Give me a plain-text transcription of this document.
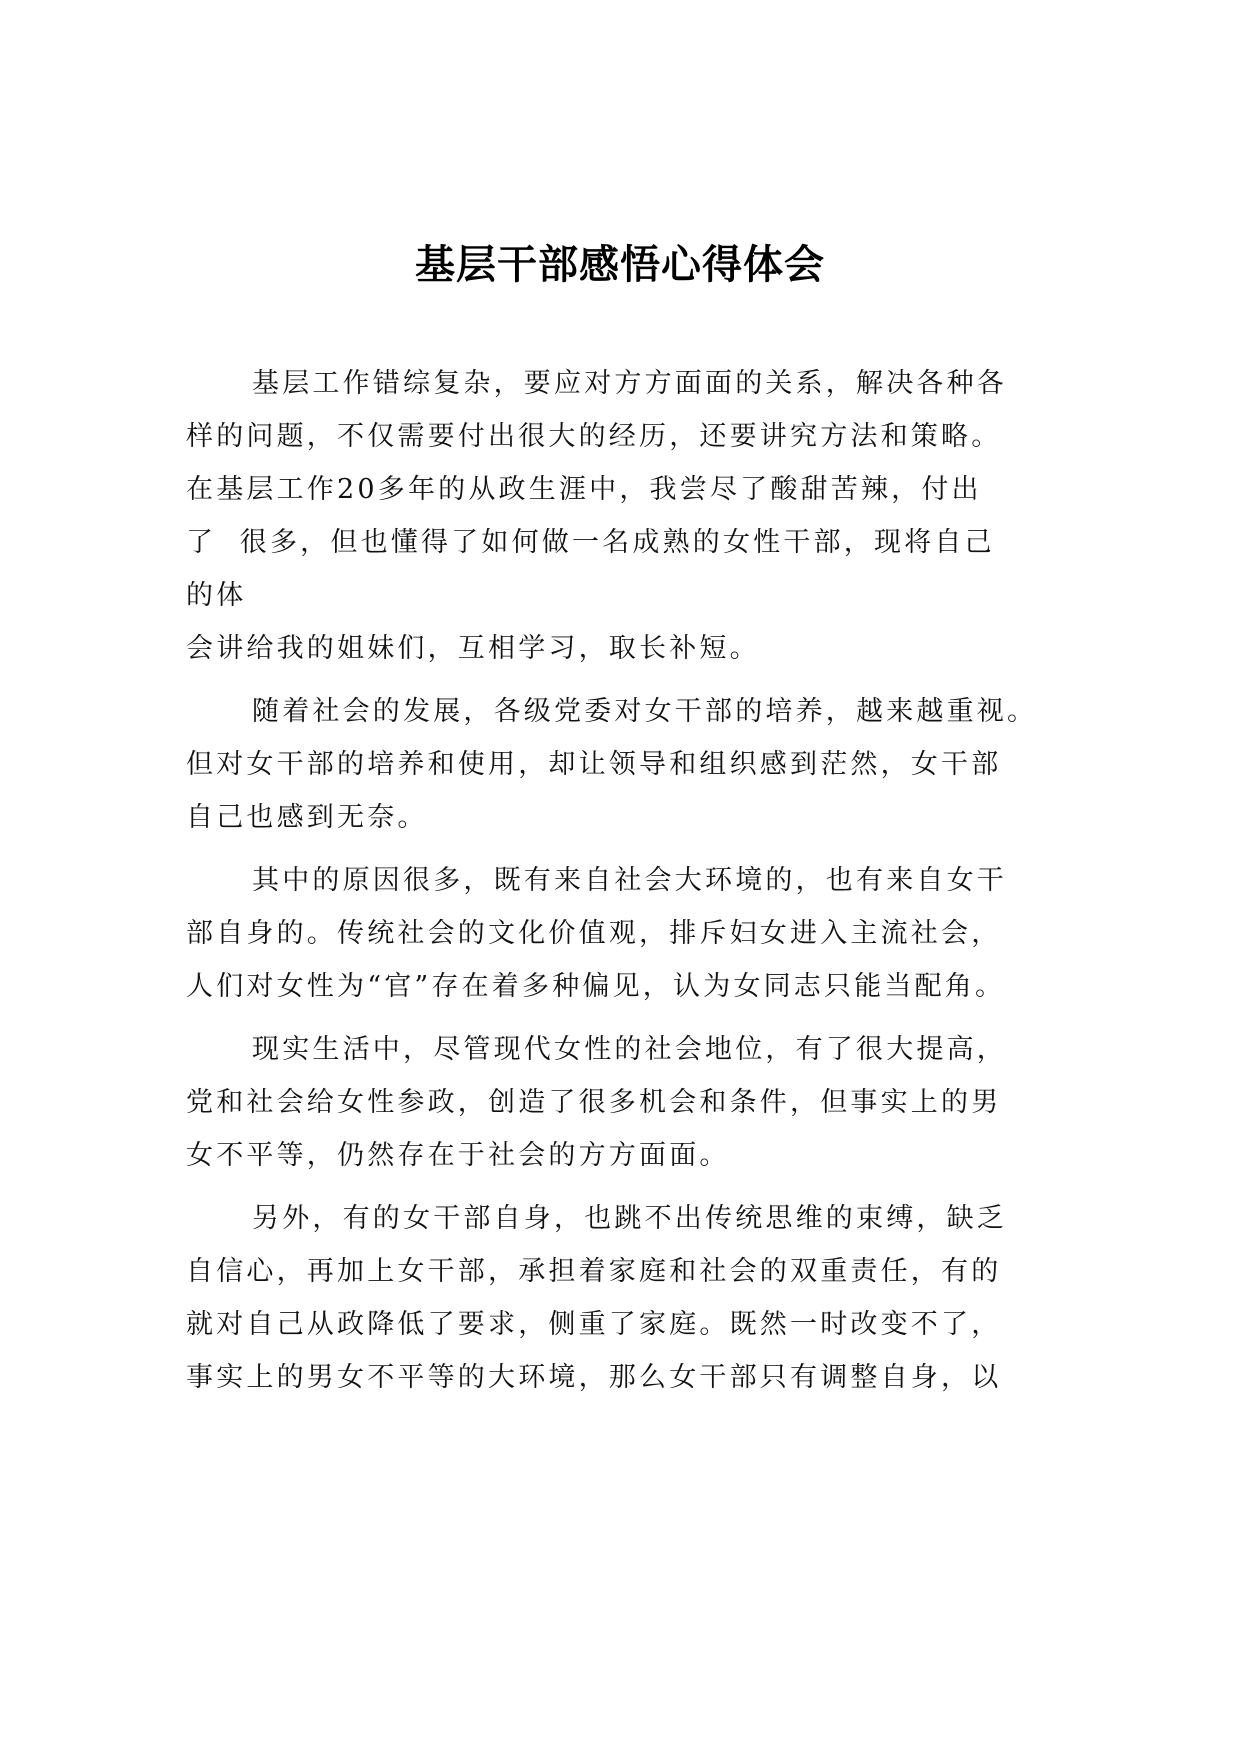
基层干部感悟心得体会

基层工作错综复杂，要应对方方面面的关系，解决各种各
样的问题，不仅需要付出很大的经历，还要讲究方法和策略。
在基层工作20多年的从政生涯中，我尝尽了酸甜苦辣，付出
了  很多，但也懂得了如何做一名成熟的女性干部，现将自己
的体
会讲给我的姐妹们，互相学习，取长补短。

随着社会的发展，各级党委对女干部的培养，越来越重视。
但对女干部的培养和使用，却让领导和组织感到茫然，女干部
自己也感到无奈。

其中的原因很多，既有来自社会大环境的，也有来自女干
部自身的。传统社会的文化价值观，排斥妇女进入主流社会，
人们对女性为“官”存在着多种偏见，认为女同志只能当配角。

现实生活中，尽管现代女性的社会地位，有了很大提高，
党和社会给女性参政，创造了很多机会和条件，但事实上的男
女不平等，仍然存在于社会的方方面面。

另外，有的女干部自身，也跳不出传统思维的束缚，缺乏
自信心，再加上女干部，承担着家庭和社会的双重责任，有的
就对自己从政降低了要求，侧重了家庭。既然一时改变不了，
事实上的男女不平等的大环境，那么女干部只有调整自身，以
